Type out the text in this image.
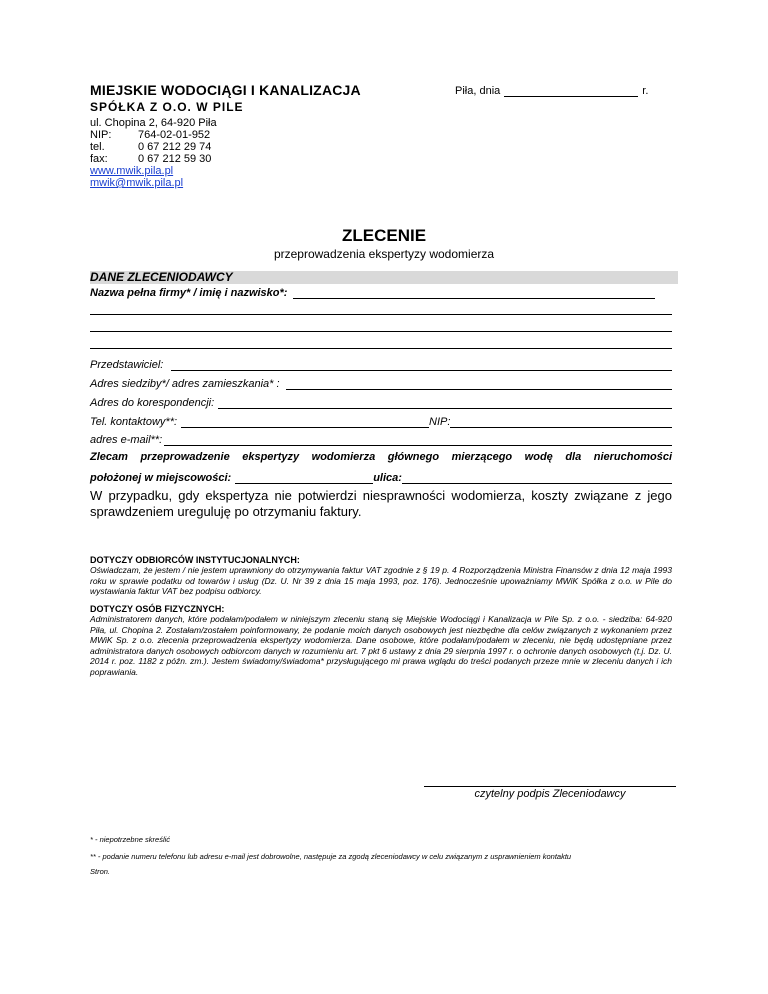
MIEJSKIE WODOCIĄGI I KANALIZACJA	Piła, dnia	r.
SPÓŁKA Z O.O. W PILE
ul. Chopina 2, 64-920 Piła
NIP:	764-02-01-952
tel.	0 67 212 29 74
fax:	0 67 212 59 30
www.mwik.pila.pl
mwik@mwik.pila.pl
ZLECENIE
przeprowadzenia ekspertyzy wodomierza
DANE ZLECENIODAWCY
Nazwa pełna firmy* / imię i nazwisko*:
Przedstawiciel:
Adres siedziby*/ adres zamieszkania* :
Adres do korespondencji:
Tel. kontaktowy**:	NIP:
adres e-mail**:
Zlecam przeprowadzenie ekspertyzy wodomierza głównego mierzącego wodę dla nieruchomości
położonej w miejscowości:	ulica:
W przypadku, gdy ekspertyza nie potwierdzi niesprawności wodomierza, koszty związane z jego sprawdzeniem ureguluję po otrzymaniu faktury.
DOTYCZY ODBIORCÓW INSTYTUCJONALNYCH:
Oświadczam, że jestem / nie jestem uprawniony do otrzymywania faktur VAT zgodnie z § 19 p. 4 Rozporządzenia Ministra Finansów z dnia 12 maja 1993 roku w sprawie podatku od towarów i usług (Dz. U. Nr 39 z dnia 15 maja 1993, poz. 176). Jednocześnie upoważniamy MWiK Spółka z o.o. w Pile do wystawiania faktur VAT bez podpisu odbiorcy.
DOTYCZY OSÓB FIZYCZNYCH:
Administratorem danych, które podałam/podałem w niniejszym zleceniu staną się Miejskie Wodociągi i Kanalizacja w Pile Sp. z o.o. - siedziba: 64-920 Piła, ul. Chopina 2. Zostałam/zostałem poinformowany, że podanie moich danych osobowych jest niezbędne dla celów związanych z wykonaniem przez MWiK Sp. z o.o. zlecenia przeprowadzenia ekspertyzy wodomierza. Dane osobowe, które podałam/podałem w zleceniu, nie będą udostępniane przez administratora danych osobowych odbiorcom danych w rozumieniu art. 7 pkt 6 ustawy z dnia 29 sierpnia 1997 r. o ochronie danych osobowych (t.j. Dz. U. 2014 r. poz. 1182 z późn. zm.). Jestem świadomy/świadoma* przysługującego mi prawa wglądu do treści podanych przeze mnie w zleceniu danych i ich poprawiania.
czytelny podpis Zleceniodawcy
* - niepotrzebne skreślić
** - podanie numeru telefonu lub adresu e-mail jest dobrowolne, następuje za zgodą zleceniodawcy w celu związanym z usprawnieniem kontaktu
Stron.
